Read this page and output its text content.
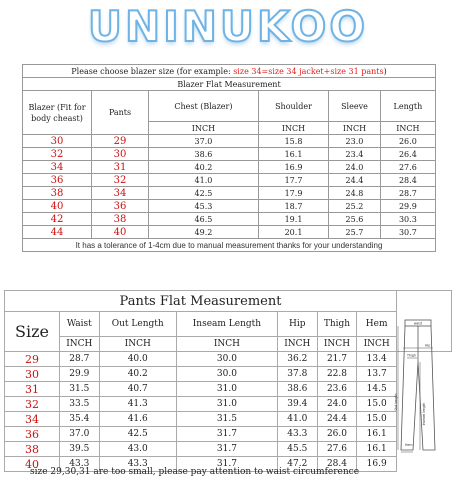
UNINUKOO
Please choose blazer size (for example: size 34=size 34 jacket+size 31 pants)					
Blazer Flat Measurement					
Blazer (Fit for body cheast)	Pants	Chest (Blazer)	Shoulder	Sleeve	Length
		INCH	INCH	INCH	INCH
30	29	37.0	15.8	23.0	26.0
32	30	38.6	16.1	23.4	26.4
34	31	40.2	16.9	24.0	27.6
36	32	41.0	17.7	24.4	28.4
38	34	42.5	17.9	24.8	28.7
40	36	45.3	18.7	25.2	29.9
42	38	46.5	19.1	25.6	30.3
44	40	49.2	20.1	25.7	30.7
It has a tolerance of 1-4cm due to manual measurement thanks for your understanding					
Pants Flat Measurement							
Size	Waist	Out Length	Inseam Length	Hip	Thigh	Hem	
	INCH	INCH	INCH	INCH	INCH	INCH	
29	28.7	40.0	30.0	36.2	21.7	13.4	
30	29.9	40.2	30.0	37.8	22.8	13.7	
31	31.5	40.7	31.0	38.6	23.6	14.5	
32	33.5	41.3	31.0	39.4	24.0	15.0	
34	35.4	41.6	31.5	41.0	24.4	15.0	
36	37.0	42.5	31.7	43.3	26.0	16.1	
38	39.5	43.0	31.7	45.5	27.6	16.1	
40	43.3	43.3	31.7	47.2	28.4	16.9	
waist
Out length
Hip
Thigh
Inseam length
Hem
size 29,30,31 are too small, please pay attention to waist circumference
